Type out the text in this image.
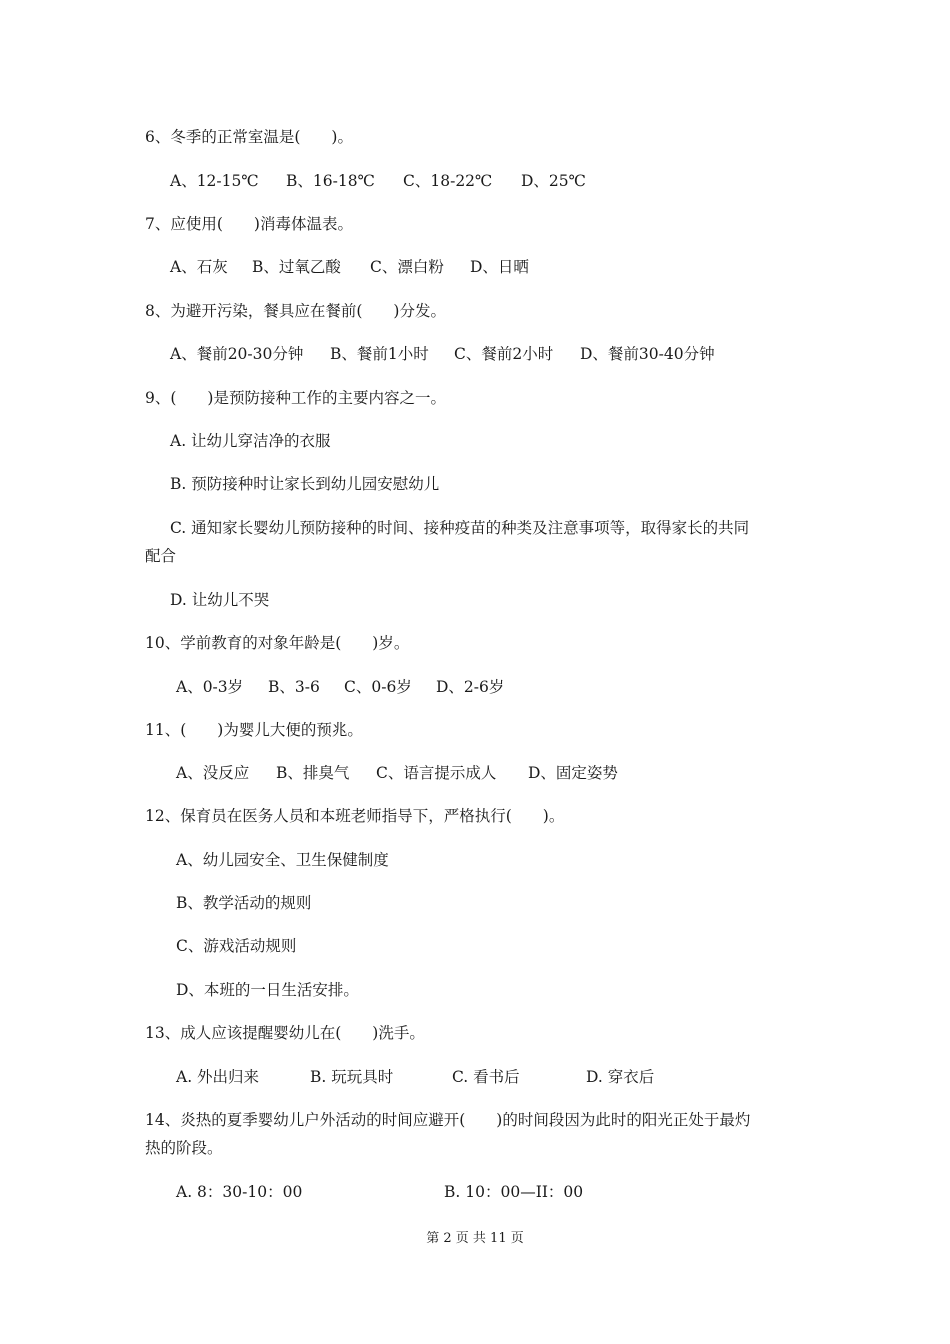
6、冬季的正常室温是(　　)。
A、12-15℃ B、16-18℃ C、18-22℃ D、25℃
7、应使用(　　)消毒体温表。
A、石灰 B、过氧乙酸 C、漂白粉 D、日晒
8、为避开污染，餐具应在餐前(　　)分发。
A、餐前20-30分钟 B、餐前1小时 C、餐前2小时 D、餐前30-40分钟
9、(　　)是预防接种工作的主要内容之一。
A. 让幼儿穿洁净的衣服
B. 预防接种时让家长到幼儿园安慰幼儿
C. 通知家长婴幼儿预防接种的时间、接种疫苗的种类及注意事项等，取得家长的共同
配合
D. 让幼儿不哭
10、学前教育的对象年龄是(　　)岁。
A、0-3岁 B、3-6 C、0-6岁 D、2-6岁
11、(　　)为婴儿大便的预兆。
A、没反应 B、排臭气 C、语言提示成人 D、固定姿势
12、保育员在医务人员和本班老师指导下，严格执行(　　)。
A、幼儿园安全、卫生保健制度
B、教学活动的规则
C、游戏活动规则
D、本班的一日生活安排。
13、成人应该提醒婴幼儿在(　　)洗手。
A. 外出归来	B. 玩玩具时	C. 看书后	D. 穿衣后
14、炎热的夏季婴幼儿户外活动的时间应避开(　　)的时间段因为此时的阳光正处于最灼
热的阶段。
A. 8：30-10：00	B. 10：00—II：00
第 2 页 共 11 页
